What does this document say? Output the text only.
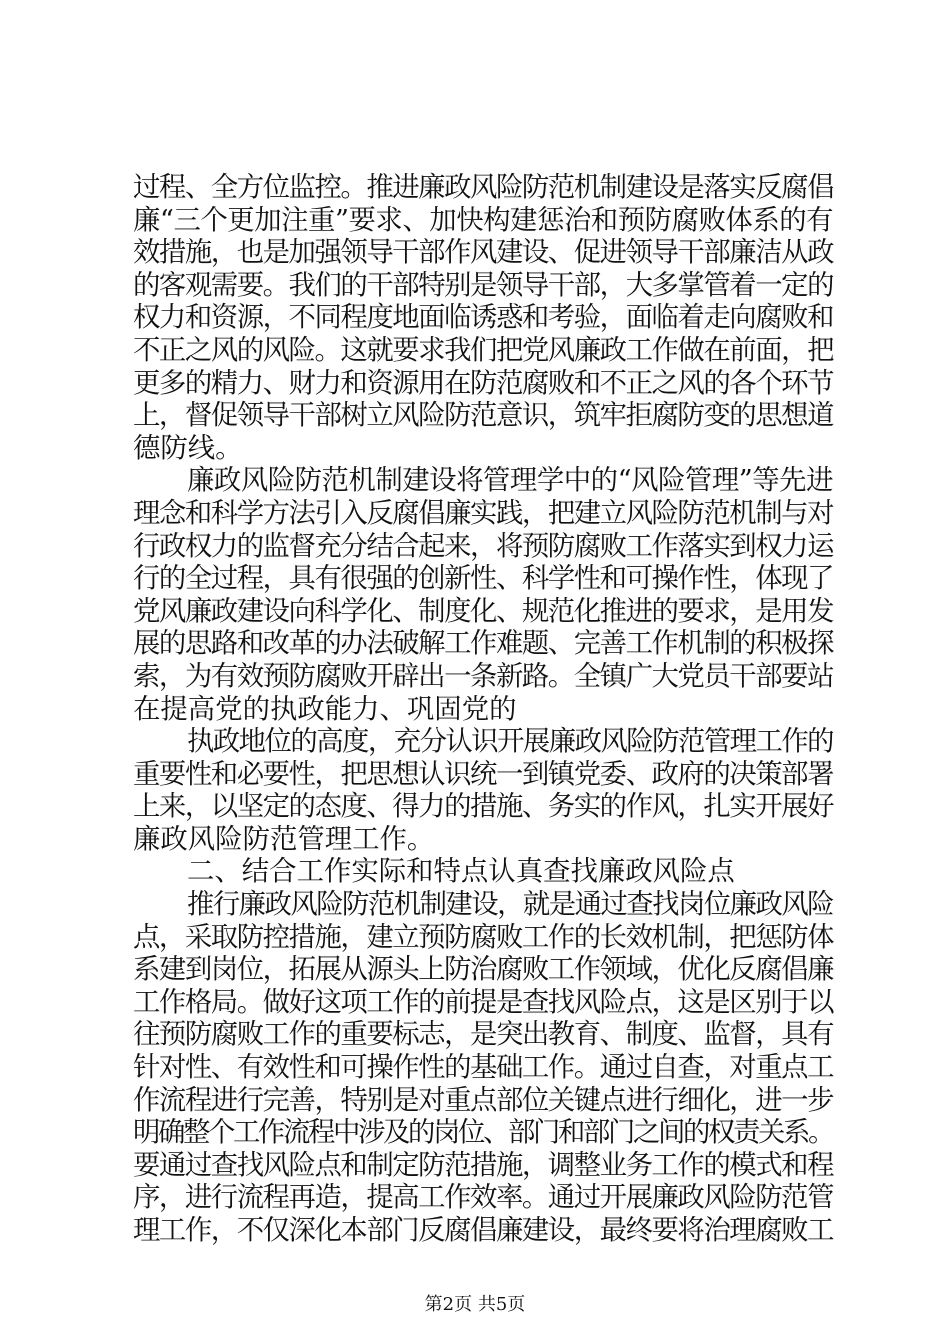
过程、全方位监控。推进廉政风险防范机制建设是落实反腐倡
廉“三个更加注重”要求、加快构建惩治和预防腐败体系的有
效措施，也是加强领导干部作风建设、促进领导干部廉洁从政
的客观需要。我们的干部特别是领导干部，大多掌管着一定的
权力和资源，不同程度地面临诱惑和考验，面临着走向腐败和
不正之风的风险。这就要求我们把党风廉政工作做在前面，把
更多的精力、财力和资源用在防范腐败和不正之风的各个环节
上，督促领导干部树立风险防范意识，筑牢拒腐防变的思想道
德防线。
廉政风险防范机制建设将管理学中的“风险管理”等先进
理念和科学方法引入反腐倡廉实践，把建立风险防范机制与对
行政权力的监督充分结合起来，将预防腐败工作落实到权力运
行的全过程，具有很强的创新性、科学性和可操作性，体现了
党风廉政建设向科学化、制度化、规范化推进的要求，是用发
展的思路和改革的办法破解工作难题、完善工作机制的积极探
索，为有效预防腐败开辟出一条新路。全镇广大党员干部要站
在提高党的执政能力、巩固党的
执政地位的高度，充分认识开展廉政风险防范管理工作的
重要性和必要性，把思想认识统一到镇党委、政府的决策部署
上来，以坚定的态度、得力的措施、务实的作风，扎实开展好
廉政风险防范管理工作。
二、结合工作实际和特点认真查找廉政风险点
推行廉政风险防范机制建设，就是通过查找岗位廉政风险
点，采取防控措施，建立预防腐败工作的长效机制，把惩防体
系建到岗位，拓展从源头上防治腐败工作领域，优化反腐倡廉
工作格局。做好这项工作的前提是查找风险点，这是区别于以
往预防腐败工作的重要标志，是突出教育、制度、监督，具有
针对性、有效性和可操作性的基础工作。通过自查，对重点工
作流程进行完善，特别是对重点部位关键点进行细化，进一步
明确整个工作流程中涉及的岗位、部门和部门之间的权责关系。
要通过查找风险点和制定防范措施，调整业务工作的模式和程
序，进行流程再造，提高工作效率。通过开展廉政风险防范管
理工作，不仅深化本部门反腐倡廉建设，最终要将治理腐败工
第2页 共5页
